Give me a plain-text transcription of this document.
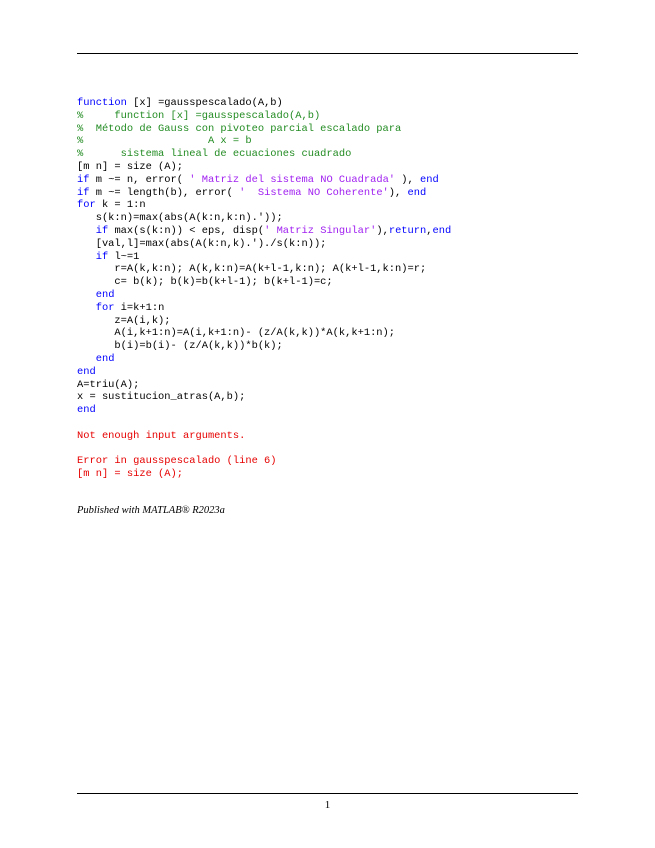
function [x] =gausspescalado(A,b)
%     function [x] =gausspescalado(A,b)
%  Método de Gauss con pivoteo parcial escalado para
%                    A x = b
%      sistema lineal de ecuaciones cuadrado
[m n] = size (A);
if m ~= n, error( ' Matriz del sistema NO Cuadrada' ), end
if m ~= length(b), error( '  Sistema NO Coherente'), end
for k = 1:n
s(k:n)=max(abs(A(k:n,k:n).'));
if max(s(k:n)) < eps, disp(' Matriz Singular'),return,end
[val,l]=max(abs(A(k:n,k).')./s(k:n));
if l~=1
r=A(k,k:n); A(k,k:n)=A(k+l-1,k:n); A(k+l-1,k:n)=r;
c= b(k); b(k)=b(k+l-1); b(k+l-1)=c;
end
for i=k+1:n
z=A(i,k);
A(i,k+1:n)=A(i,k+1:n)- (z/A(k,k))*A(k,k+1:n);
b(i)=b(i)- (z/A(k,k))*b(k);
end
end
A=triu(A);
x = sustitucion_atras(A,b);
end
Not enough input arguments.
Error in gausspescalado (line 6)
[m n] = size (A);
Published with MATLAB® R2023a
1
